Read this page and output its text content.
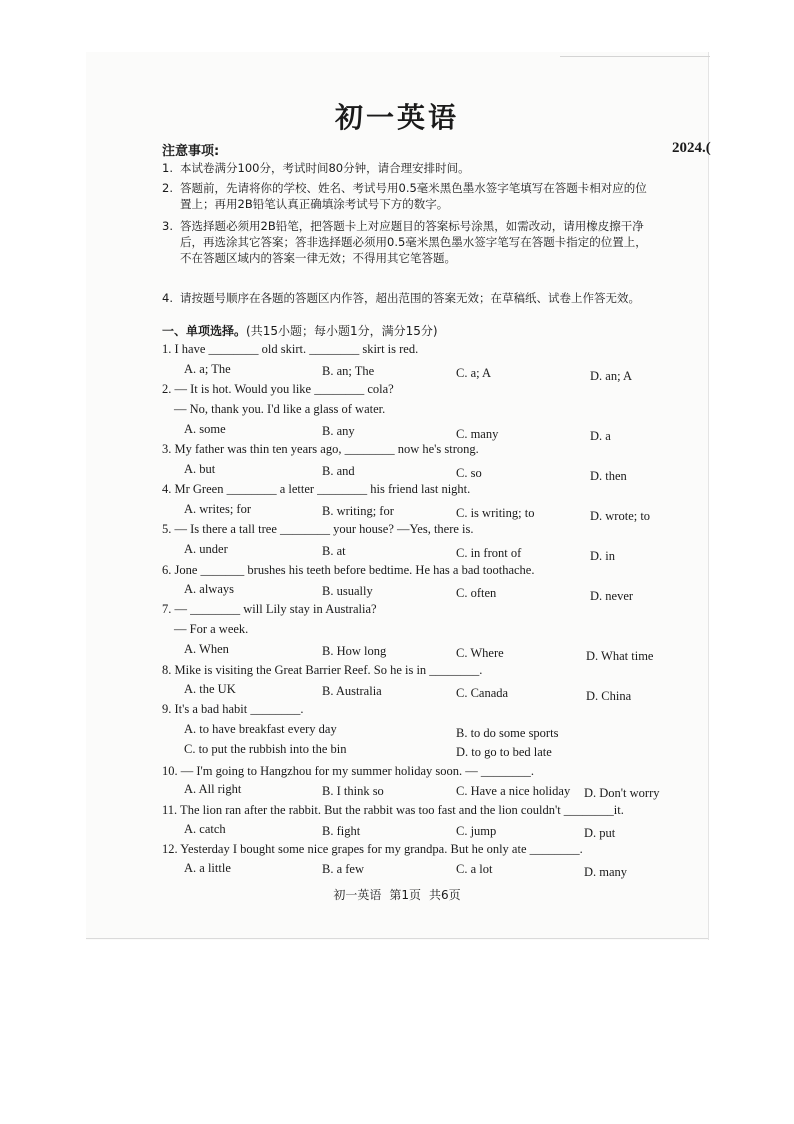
初一英语
2024.(
注意事项:
1. 本试卷满分100分，考试时间80分钟，请合理安排时间。
2. 答题前，先请将你的学校、姓名、考试号用0.5毫米黑色墨水签字笔填写在答题卡相对应的位
置上；再用2B铅笔认真正确填涂考试号下方的数字。
3. 答选择题必须用2B铅笔，把答题卡上对应题目的答案标号涂黑，如需改动，请用橡皮擦干净
后，再选涂其它答案；答非选择题必须用0.5毫米黑色墨水签字笔写在答题卡指定的位置上，
不在答题区域内的答案一律无效；不得用其它笔答题。
4. 请按题号顺序在各题的答题区内作答，超出范围的答案无效；在草稿纸、试卷上作答无效。
一、单项选择。(共15小题；每小题1分，满分15分)
1. I have ________ old skirt. ________ skirt is red.
A. a; The	B. an; The	C. a; A	D. an; A
2. — It is hot. Would you like ________ cola?
— No, thank you. I'd like a glass of water.
A. some	B. any	C. many	D. a
3. My father was thin ten years ago, ________ now he's strong.
A. but	B. and	C. so	D. then
4. Mr Green ________ a letter ________ his friend last night.
A. writes; for	B. writing; for	C. is writing; to	D. wrote; to
5. — Is there a tall tree ________ your house? —Yes, there is.
A. under	B. at	C. in front of	D. in
6. Jone _______ brushes his teeth before bedtime. He has a bad toothache.
A. always	B. usually	C. often	D. never
7. — ________ will Lily stay in Australia?
— For a week.
A. When	B. How long	C. Where	D. What time
8. Mike is visiting the Great Barrier Reef. So he is in ________.
A. the UK	B. Australia	C. Canada	D. China
9. It's a bad habit ________.
A. to have breakfast every day	B. to do some sports
C. to put the rubbish into the bin	D. to go to bed late
10. — I'm going to Hangzhou for my summer holiday soon. — ________.
A. All right	B. I think so	C. Have a nice holiday D. Don't worry
11. The lion ran after the rabbit. But the rabbit was too fast and the lion couldn't ________it.
A. catch	B. fight	C. jump	D. put
12. Yesterday I bought some nice grapes for my grandpa. But he only ate ________.
A. a little	B. a few	C. a lot	D. many
初一英语 第1页 共6页
